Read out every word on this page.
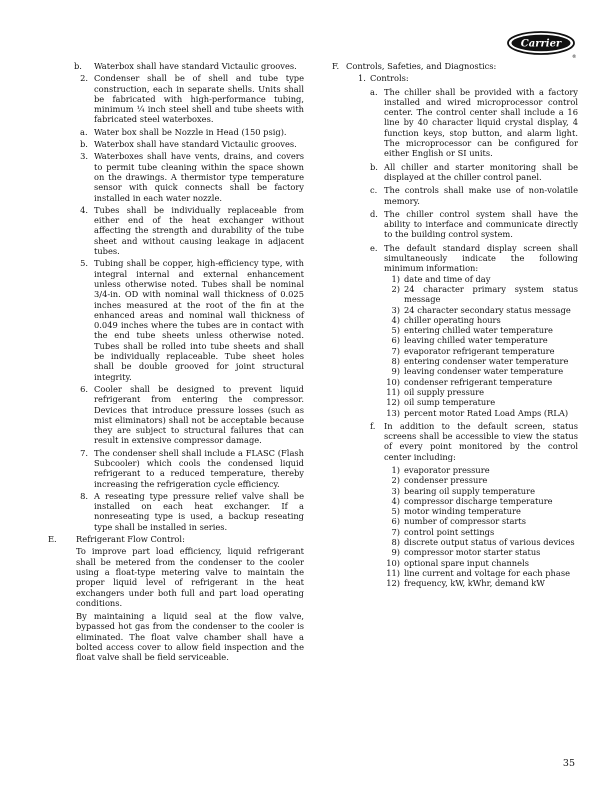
Carrier
®
b.	Waterbox shall have standard Victaulic grooves.
2. Condenser shall be of shell and tube type construction, each in separate shells. Units shall be fabricated with high-performance tubing, minimum ¼ inch steel shell and tube sheets with fabricated steel waterboxes.
a. Water box shall be Nozzle in Head (150 psig).
b. Waterbox shall have standard Victaulic grooves.
3. Waterboxes shall have vents, drains, and covers to permit tube cleaning within the space shown on the drawings. A thermistor type temperature sensor with quick connects shall be factory installed in each water nozzle.
4. Tubes shall be individually replaceable from either end of the heat exchanger without affecting the strength and durability of the tube sheet and without causing leakage in adjacent tubes.
5. Tubing shall be copper, high-efficiency type, with integral internal and external enhancement unless otherwise noted. Tubes shall be nominal 3/4-in. OD with nominal wall thickness of 0.025 inches measured at the root of the fin at the enhanced areas and nominal wall thickness of 0.049 inches where the tubes are in contact with the end tube sheets unless otherwise noted. Tubes shall be rolled into tube sheets and shall be individually replaceable. Tube sheet holes shall be double grooved for joint structural integrity.
6. Cooler shall be designed to prevent liquid refrigerant from entering the compressor. Devices that introduce pressure losses (such as mist eliminators) shall not be acceptable because they are subject to structural failures that can result in extensive compressor damage.
7. The condenser shell shall include a FLASC (Flash Subcooler) which cools the condensed liquid refrigerant to a reduced temperature, thereby increasing the refrigeration cycle efficiency.
8. A reseating type pressure relief valve shall be installed on each heat exchanger. If a nonreseating type is used, a backup reseating type shall be installed in series.
E.	Refrigerant Flow Control:

To improve part load efficiency, liquid refrigerant shall be metered from the condenser to the cooler using a float-type metering valve to maintain the proper liquid level of refrigerant in the heat exchangers under both full and part load operating conditions.

By maintaining a liquid seal at the flow valve, bypassed hot gas from the condenser to the cooler is eliminated. The float valve chamber shall have a bolted access cover to allow field inspection and the float valve shall be field serviceable.

F. Controls, Safeties, and Diagnostics:
1. Controls:
a. The chiller shall be provided with a factory installed and wired microprocessor control center. The control center shall include a 16 line by 40 character liquid crystal display, 4 function keys, stop button, and alarm light. The microprocessor can be configured for either English or SI units.
b. All chiller and starter monitoring shall be displayed at the chiller control panel.
c. The controls shall make use of non-volatile memory.
d. The chiller control system shall have the ability to interface and communicate directly to the building control system.
e. The default standard display screen shall simultaneously indicate the following minimum information:
1) date and time of day
2) 24 character primary system status message
3) 24 character secondary status message
4) chiller operating hours
5) entering chilled water temperature
6) leaving chilled water temperature
7) evaporator refrigerant temperature
8) entering condenser water temperature
9) leaving condenser water temperature
10) condenser refrigerant temperature
11) oil supply pressure
12) oil sump temperature
13) percent motor Rated Load Amps (RLA)
f.	In addition to the default screen, status screens shall be accessible to view the status of every point monitored by the control center including:
1) evaporator pressure
2) condenser pressure
3) bearing oil supply temperature
4) compressor discharge temperature
5) motor winding temperature
6) number of compressor starts
7) control point settings
8) discrete output status of various devices
9) compressor motor starter status
10) optional spare input channels
11) line current and voltage for each phase
12) frequency, kW, kWhr, demand kW
35
